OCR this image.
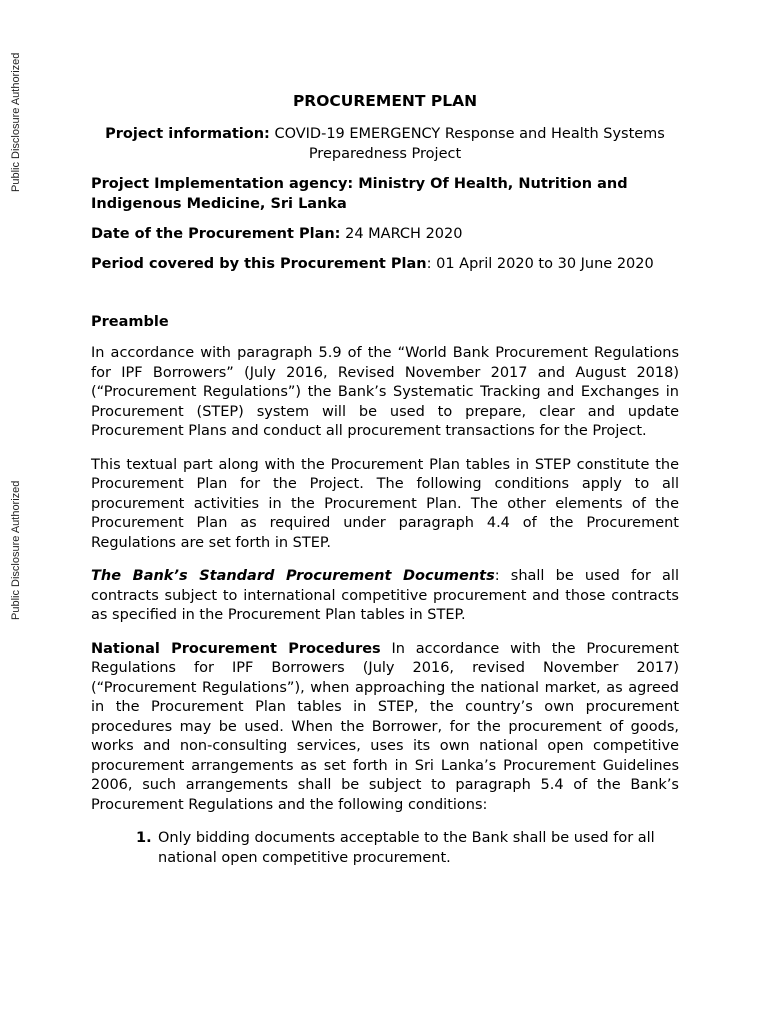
Public Disclosure Authorized
Public Disclosure Authorized
PROCUREMENT PLAN
Project information: COVID-19 EMERGENCY Response and Health Systems Preparedness Project
Project Implementation agency: Ministry Of Health, Nutrition and Indigenous Medicine, Sri Lanka
Date of the Procurement Plan: 24 MARCH 2020
Period covered by this Procurement Plan: 01 April 2020 to 30 June 2020
Preamble

In accordance with paragraph 5.9 of the “World Bank Procurement Regulations for IPF Borrowers” (July 2016, Revised November 2017 and August 2018) (“Procurement Regulations”) the Bank’s Systematic Tracking and Exchanges in Procurement (STEP) system will be used to prepare, clear and update Procurement Plans and conduct all procurement transactions for the Project.

This textual part along with the Procurement Plan tables in STEP constitute the Procurement Plan for the Project. The following conditions apply to all procurement activities in the Procurement Plan. The other elements of the Procurement Plan as required under paragraph 4.4 of the Procurement Regulations are set forth in STEP.

The Bank’s Standard Procurement Documents: shall be used for all contracts subject to international competitive procurement and those contracts as specified in the Procurement Plan tables in STEP.

National Procurement Procedures In accordance with the Procurement Regulations for IPF Borrowers (July 2016, revised November 2017) (“Procurement Regulations”), when approaching the national market, as agreed in the Procurement Plan tables in STEP, the country’s own procurement procedures may be used. When the Borrower, for the procurement of goods, works and non-consulting services, uses its own national open competitive procurement arrangements as set forth in Sri Lanka’s Procurement Guidelines 2006, such arrangements shall be subject to paragraph 5.4 of the Bank’s Procurement Regulations and the following conditions:

1. Only bidding documents acceptable to the Bank shall be used for all national open competitive procurement.
